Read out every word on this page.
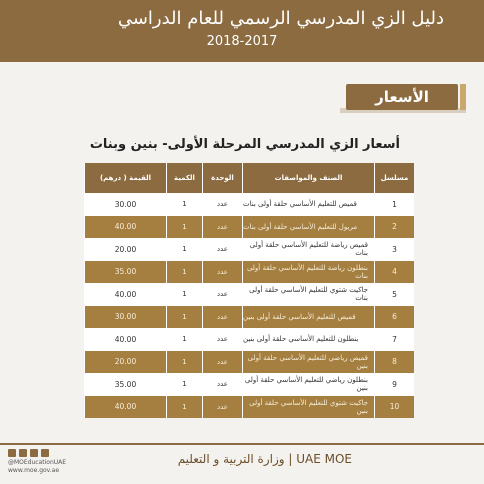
دليل الزي المدرسي الرسمي للعام الدراسي
2018-2017
الأسعار
أسعار الزي المدرسي المرحلة الأولى- بنين وبنات
مسلسل
الصنف والمواصفات
الوحدة
الكمية
القيمة ( درهم)
1
قميص للتعليم الأساسي حلقة أولى بنات
عدد
1
30.00
2
مريول للتعليم الأساسي حلقة أولى بنات
عدد
1
40.00
3
قميص رياضة للتعليم الأساسي حلقة أولى بنات
عدد
1
20.00
4
بنطلون رياضة للتعليم الأساسي حلقة أولى بنات
عدد
1
35.00
5
جاكيت شتوي للتعليم الأساسي حلقة أولى بنات
عدد
1
40.00
6
قميص للتعليم الأساسي حلقة أولى بنين
عدد
1
30.00
7
بنطلون للتعليم الأساسي حلقة أولى بنين
عدد
1
40.00
8
قميص رياضي للتعليم الأساسي حلقة أولى بنين
عدد
1
20.00
9
بنطلون رياضي للتعليم الأساسي حلقة أولى بنين
عدد
1
35.00
10
جاكيت شتوي للتعليم الأساسي حلقة أولى بنين
عدد
1
40.00
@MOEducationUAE
www.moe.gov.ae
UAE MOE | وزارة التربية و التعليم
